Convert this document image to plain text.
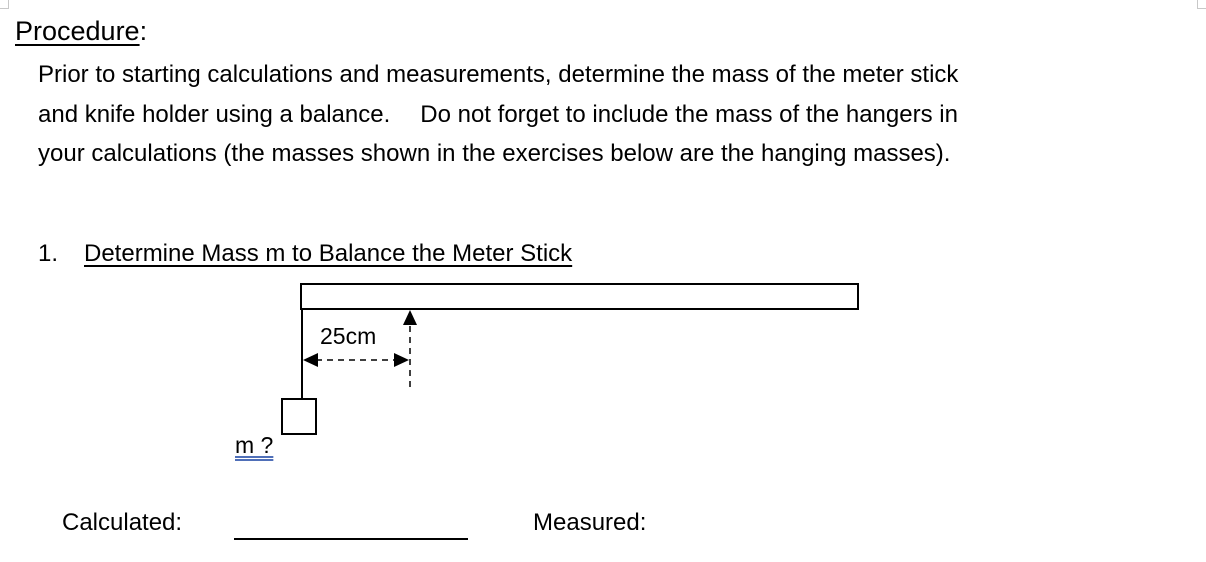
Procedure:
Prior to starting calculations and measurements, determine the mass of the meter stick
and knife holder using a balance. Do not forget to include the mass of the hangers in
your calculations (the masses shown in the exercises below are the hanging masses).
1. Determine Mass m to Balance the Meter Stick
25cm
m ?
Calculated:	Measured:
